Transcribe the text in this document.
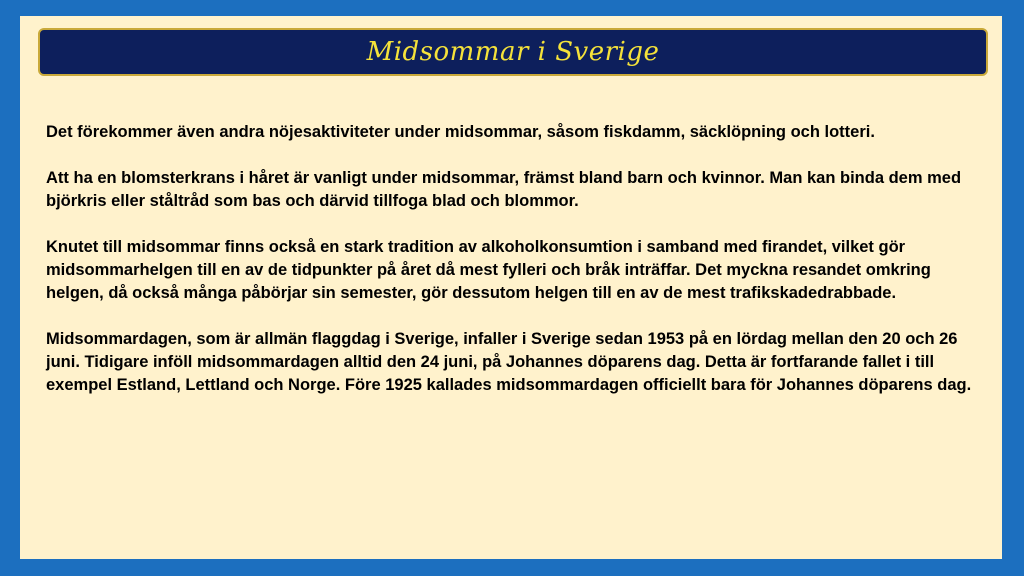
Midsommar i Sverige

Det förekommer även andra nöjesaktiviteter under midsommar, såsom fiskdamm, säcklöpning och lotteri.

Att ha en blomsterkrans i håret är vanligt under midsommar, främst bland barn och kvinnor. Man kan binda dem med björkris eller ståltråd som bas och därvid tillfoga blad och blommor.

Knutet till midsommar finns också en stark tradition av alkoholkonsumtion i samband med firandet, vilket gör midsommarhelgen till en av de tidpunkter på året då mest fylleri och bråk inträffar. Det myckna resandet omkring helgen, då också många påbörjar sin semester, gör dessutom helgen till en av de mest trafikskadedrabbade.

Midsommardagen, som är allmän flaggdag i Sverige, infaller i Sverige sedan 1953 på en lördag mellan den 20 och 26 juni. Tidigare inföll midsommardagen alltid den 24 juni, på Johannes döparens dag. Detta är fortfarande fallet i till exempel Estland, Lettland och Norge. Före 1925 kallades midsommardagen officiellt bara för Johannes döparens dag.
